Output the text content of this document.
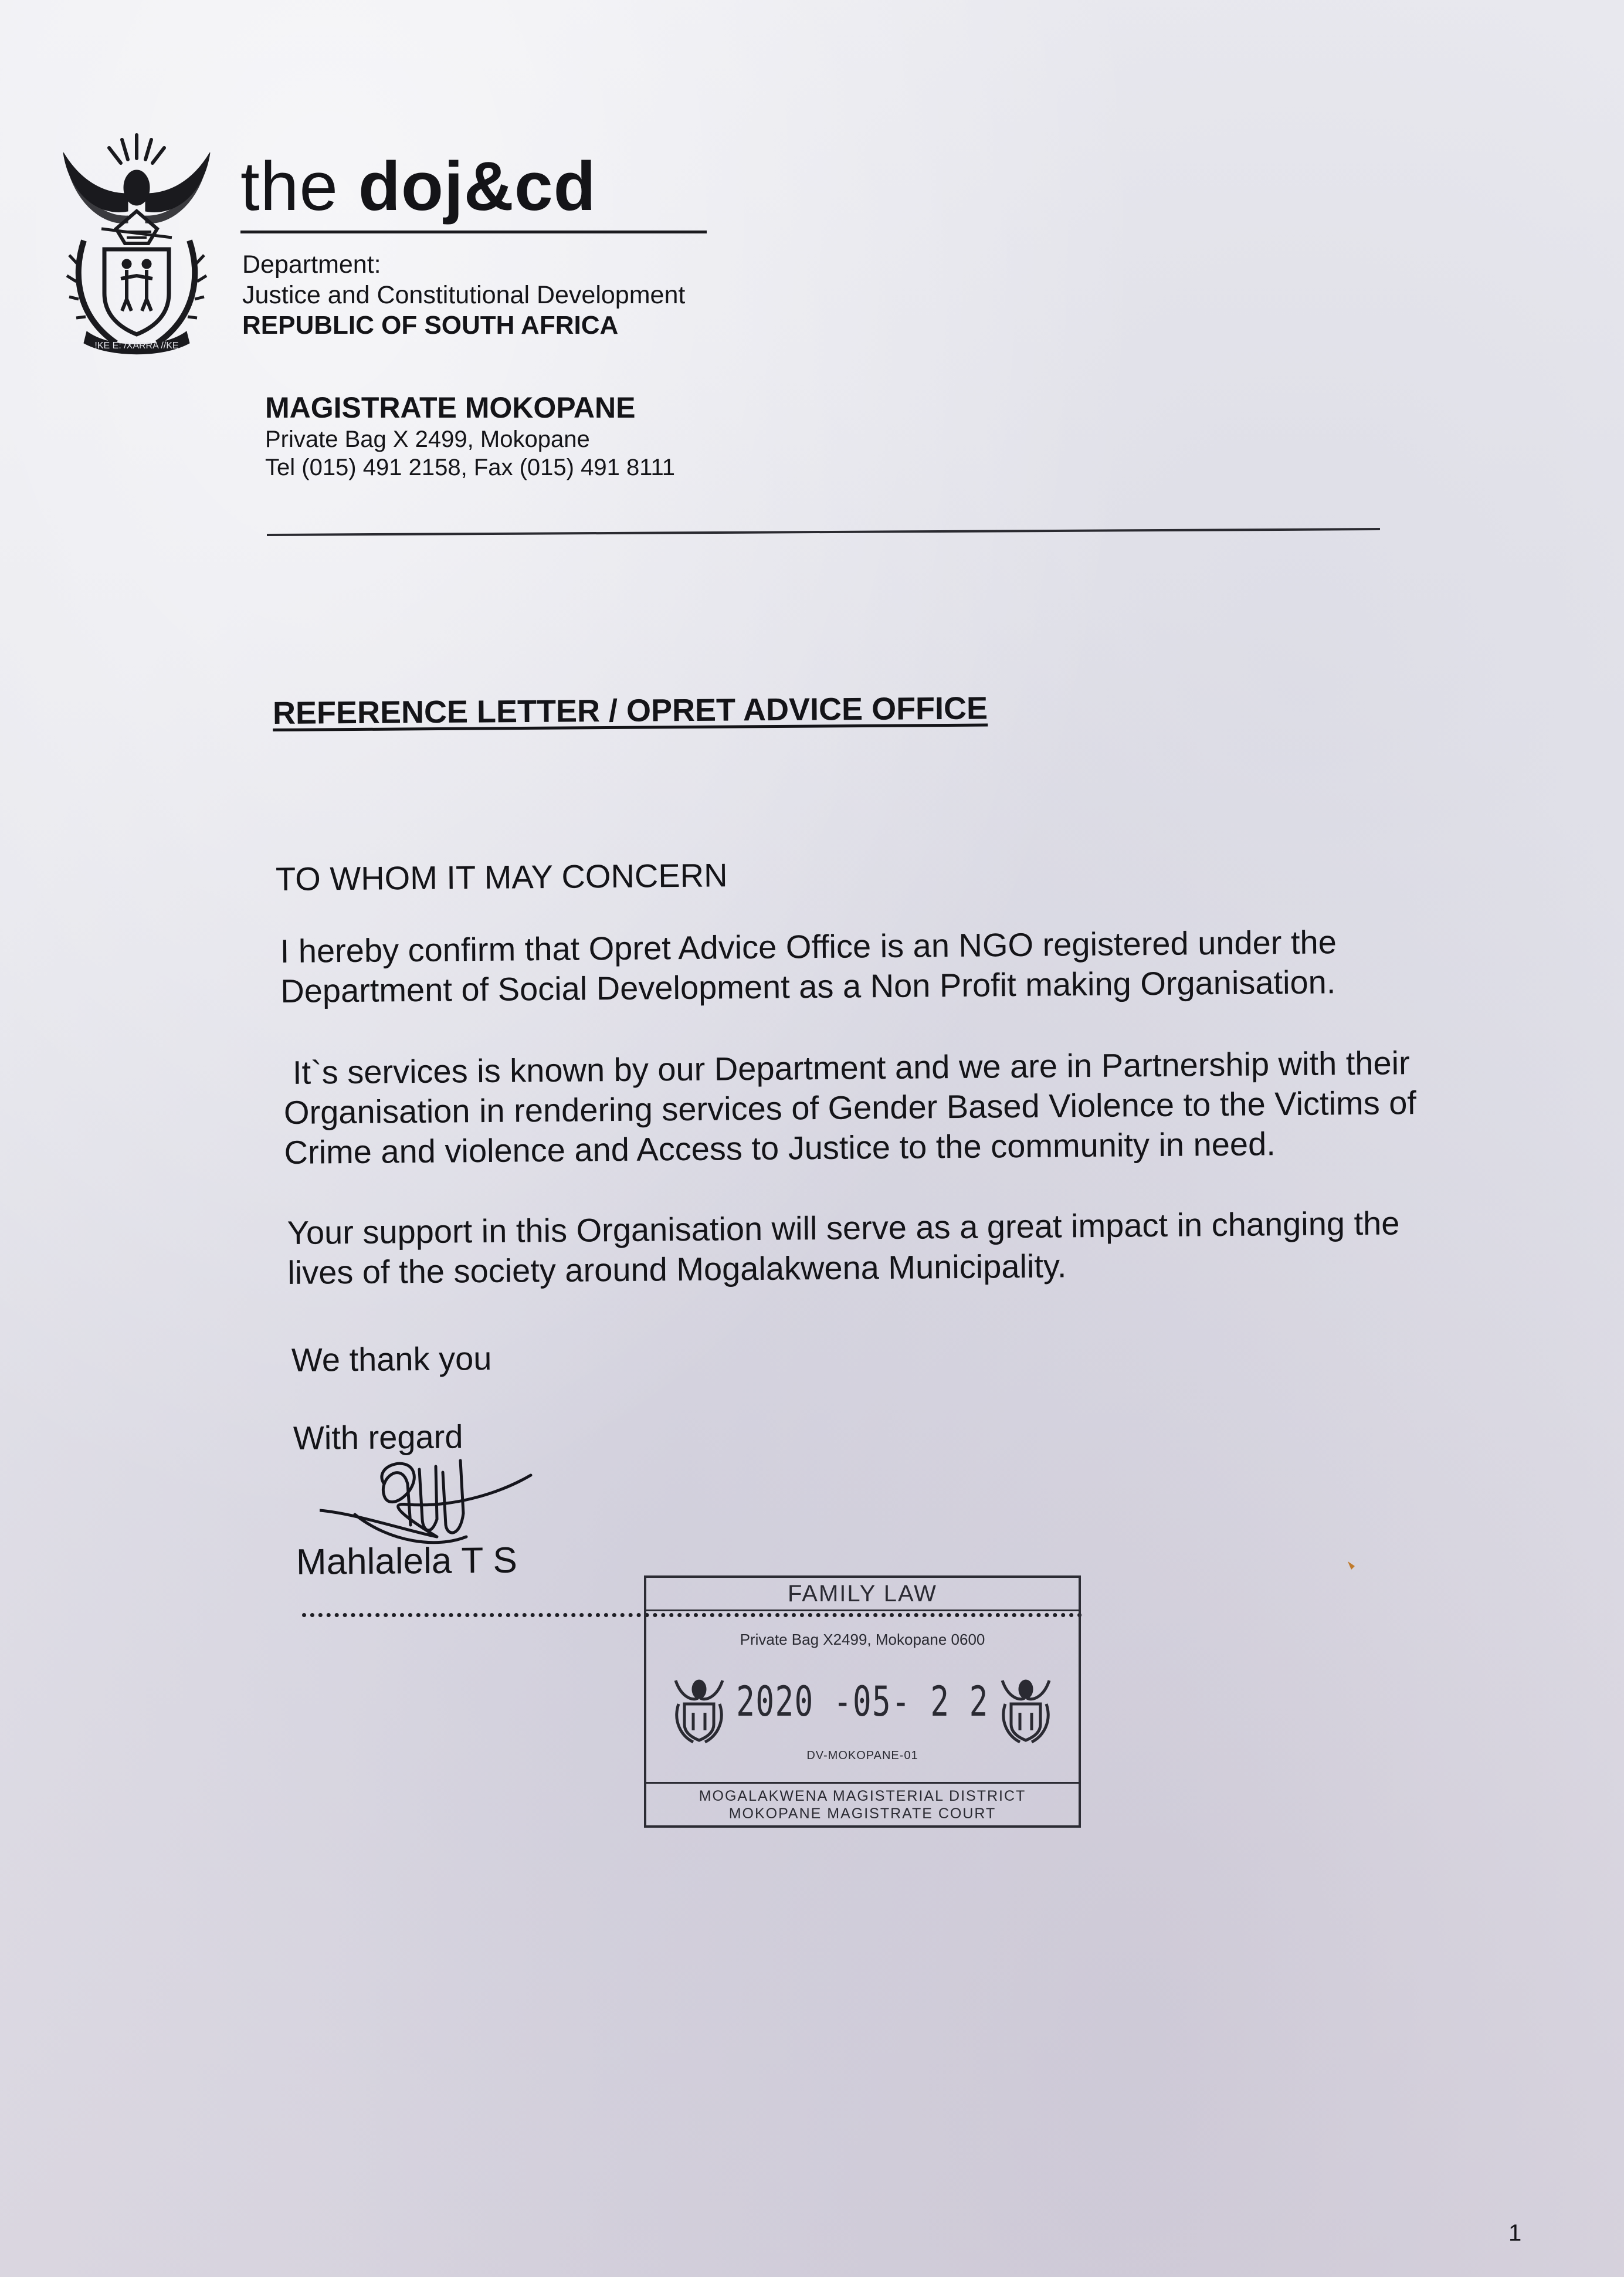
!KE E: /XARRA //KE
the doj&cd
Department:
Justice and Constitutional Development
REPUBLIC OF SOUTH AFRICA
MAGISTRATE MOKOPANE
Private Bag X 2499, Mokopane
Tel (015) 491 2158, Fax (015) 491 8111
REFERENCE LETTER / OPRET ADVICE OFFICE
TO WHOM IT MAY CONCERN
I hereby confirm that Opret Advice Office is an NGO registered under the
Department of Social Development as a Non Profit making Organisation.
It`s services is known by our Department and we are in Partnership with their
Organisation in rendering services of Gender Based Violence to the Victims of
Crime and violence and Access to Justice to the community in need.
Your support in this Organisation will serve as a great impact in changing the
lives of the society around Mogalakwena Municipality.
We thank you
With regard
Mahlalela T S
FAMILY LAW
Private Bag X2499, Mokopane 0600
2020 -05- 2 2
DV-MOKOPANE-01
MOGALAKWENA MAGISTERIAL DISTRICT
MOKOPANE MAGISTRATE COURT
1
